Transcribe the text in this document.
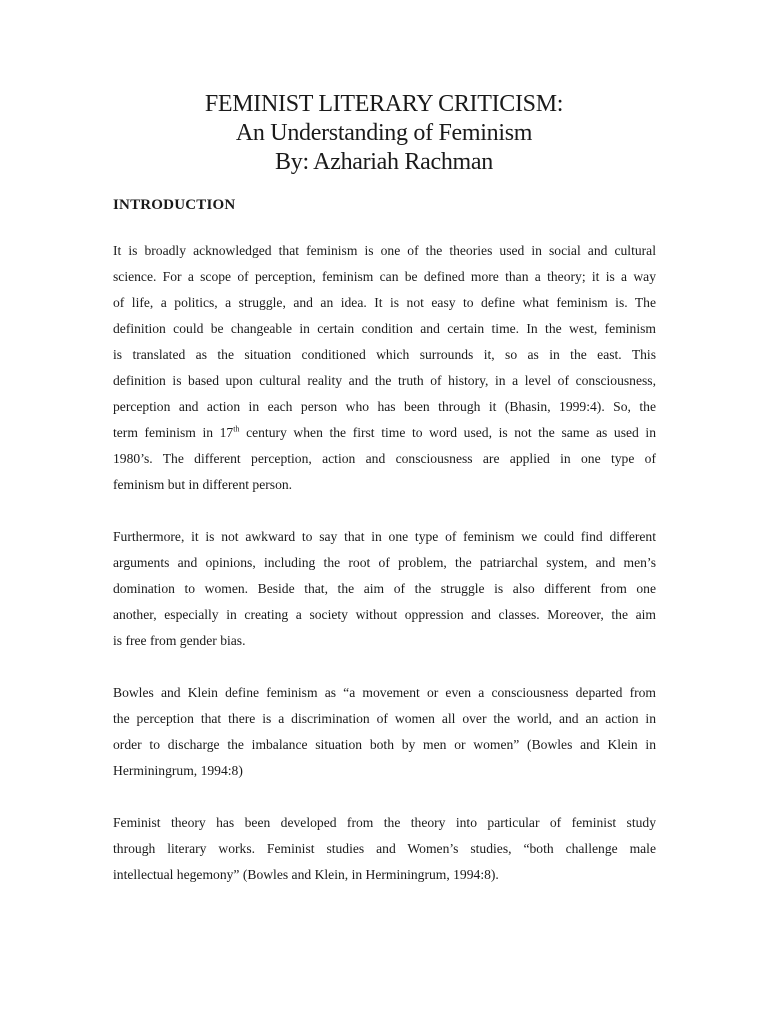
FEMINIST LITERARY CRITICISM:
An Understanding of Feminism
By: Azhariah Rachman
INTRODUCTION
It is broadly acknowledged that feminism is one of the theories used in social and cultural
science. For a scope of perception, feminism can be defined more than a theory; it is a way
of life, a politics, a struggle, and an idea. It is not easy to define what feminism is. The
definition could be changeable in certain condition and certain time. In the west, feminism
is translated as the situation conditioned which surrounds it, so as in the east. This
definition is based upon cultural reality and the truth of history, in a level of consciousness,
perception and action in each person who has been through it (Bhasin, 1999:4). So, the
term feminism in 17th century when the first time to word used, is not the same as used in
1980’s. The different perception, action and consciousness are applied in one type of
feminism but in different person.
Furthermore, it is not awkward to say that in one type of feminism we could find different
arguments and opinions, including the root of problem, the patriarchal system, and men’s
domination to women. Beside that, the aim of the struggle is also different from one
another, especially in creating a society without oppression and classes. Moreover, the aim
is free from gender bias.
Bowles and Klein define feminism as “a movement or even a consciousness departed from
the perception that there is a discrimination of women all over the world, and an action in
order to discharge the imbalance situation both by men or women” (Bowles and Klein in
Herminingrum, 1994:8)
Feminist theory has been developed from the theory into particular of feminist study
through literary works. Feminist studies and Women’s studies, “both challenge male
intellectual hegemony” (Bowles and Klein, in Herminingrum, 1994:8).
